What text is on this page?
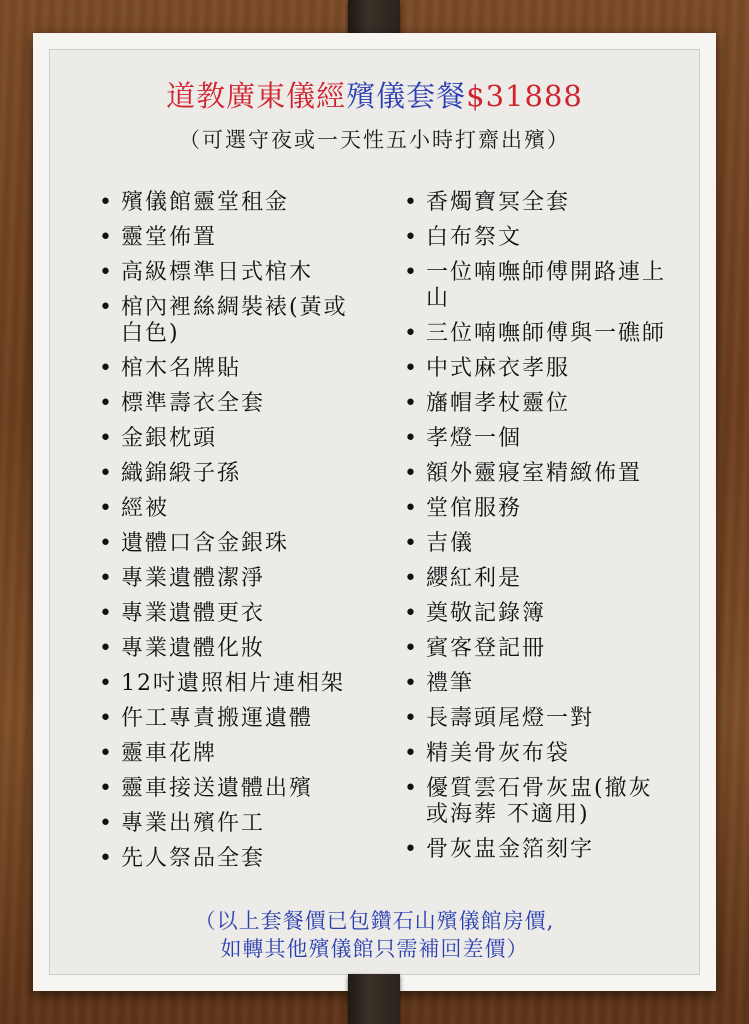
道教廣東儀經殯儀套餐$31888
（可選守夜或一天性五小時打齋出殯）
• 殯儀館靈堂租金
• 靈堂佈置
• 高級標準日式棺木
• 棺內裡絲綢裝裱(黃或白色)
• 棺木名牌貼
• 標準壽衣全套
• 金銀枕頭
• 織錦緞子孫
• 經被
• 遺體口含金銀珠
• 專業遺體潔淨
• 專業遺體更衣
• 專業遺體化妝
• 12吋遺照相片連相架
• 仵工專責搬運遺體
• 靈車花牌
• 靈車接送遺體出殯
• 專業出殯仵工
• 先人祭品全套
• 香燭寶冥全套
• 白布祭文
• 一位喃嘸師傅開路連上山
• 三位喃嘸師傅與一礁師
• 中式麻衣孝服
• 旛帽孝杖靈位
• 孝燈一個
• 額外靈寢室精緻佈置
• 堂倌服務
• 吉儀
• 纓紅利是
• 奠敬記錄簿
• 賓客登記冊
• 禮筆
• 長壽頭尾燈一對
• 精美骨灰布袋
• 優質雲石骨灰盅(撤灰或海葬 不適用)
• 骨灰盅金箔刻字
（以上套餐價已包鑽石山殯儀館房價,
如轉其他殯儀館只需補回差價）
